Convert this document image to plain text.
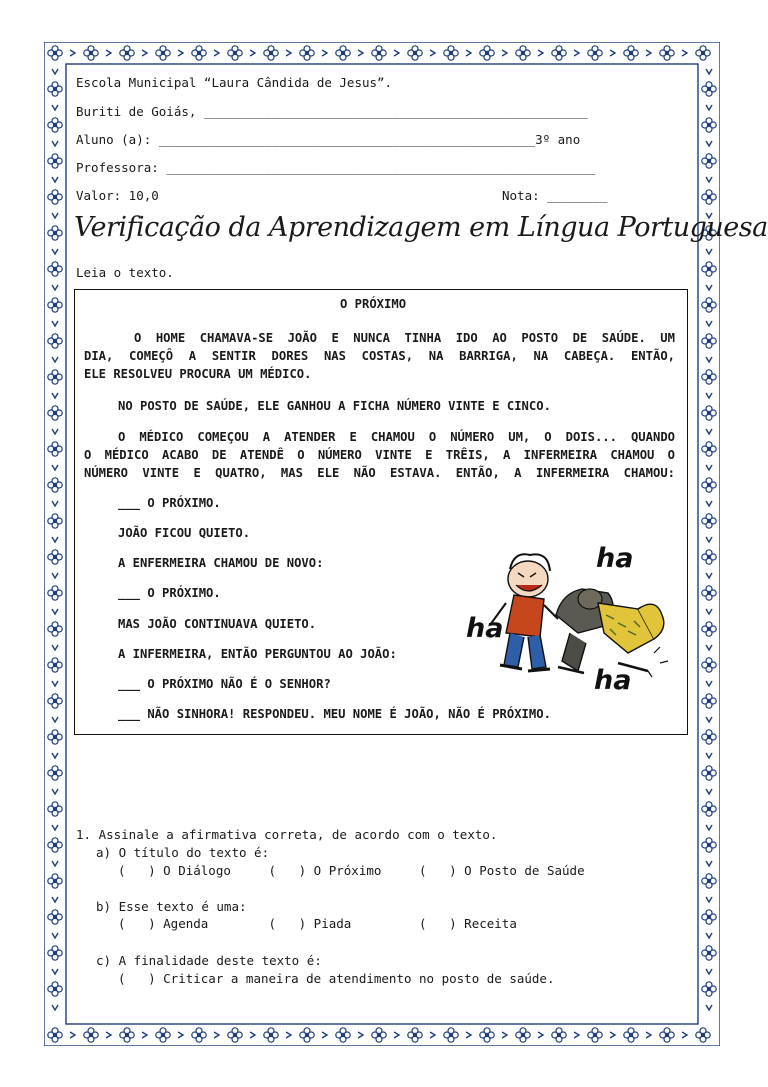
Escola Municipal “Laura Cândida de Jesus”.
Buriti de Goiás, ___________________________________________________
Aluno (a): __________________________________________________3º ano
Professora: _________________________________________________________
Valor: 10,0	Nota: ________
Verificação da Aprendizagem em Língua Portuguesa
Leia o texto.
O PRÓXIMO
O HOME CHAMAVA-SE JOÃO E NUNCA TINHA IDO AO POSTO DE SAÚDE. UM
DIA, COMEÇÔ A SENTIR DORES NAS COSTAS, NA BARRIGA, NA CABEÇA. ENTÃO,
ELE RESOLVEU PROCURA UM MÉDICO.
NO POSTO DE SAÚDE, ELE GANHOU A FICHA NÚMERO VINTE E CINCO.
O MÉDICO COMEÇOU A ATENDER E CHAMOU O NÚMERO UM, O DOIS... QUANDO
O MÉDICO ACABO DE ATENDÊ O NÚMERO VINTE E TRÊIS, A INFERMEIRA CHAMOU O
NÚMERO VINTE E QUATRO, MAS ELE NÃO ESTAVA. ENTÃO, A INFERMEIRA CHAMOU:
___ O PRÓXIMO.
JOÃO FICOU QUIETO.
A ENFERMEIRA CHAMOU DE NOVO:
___ O PRÓXIMO.
MAS JOÃO CONTINUAVA QUIETO.
A INFERMEIRA, ENTÃO PERGUNTOU AO JOÃO:
___ O PRÓXIMO NÃO É O SENHOR?
___ NÃO SINHORA! RESPONDEU. MEU NOME É JOÃO, NÃO É PRÓXIMO.
ha
ha
ha
1. Assinale a afirmativa correta, de acordo com o texto.
a) O título do texto é:
(   ) O Diálogo     (   ) O Próximo     (   ) O Posto de Saúde
b) Esse texto é uma:
(   ) Agenda        (   ) Piada         (   ) Receita
c) A finalidade deste texto é:
(   ) Criticar a maneira de atendimento no posto de saúde.
